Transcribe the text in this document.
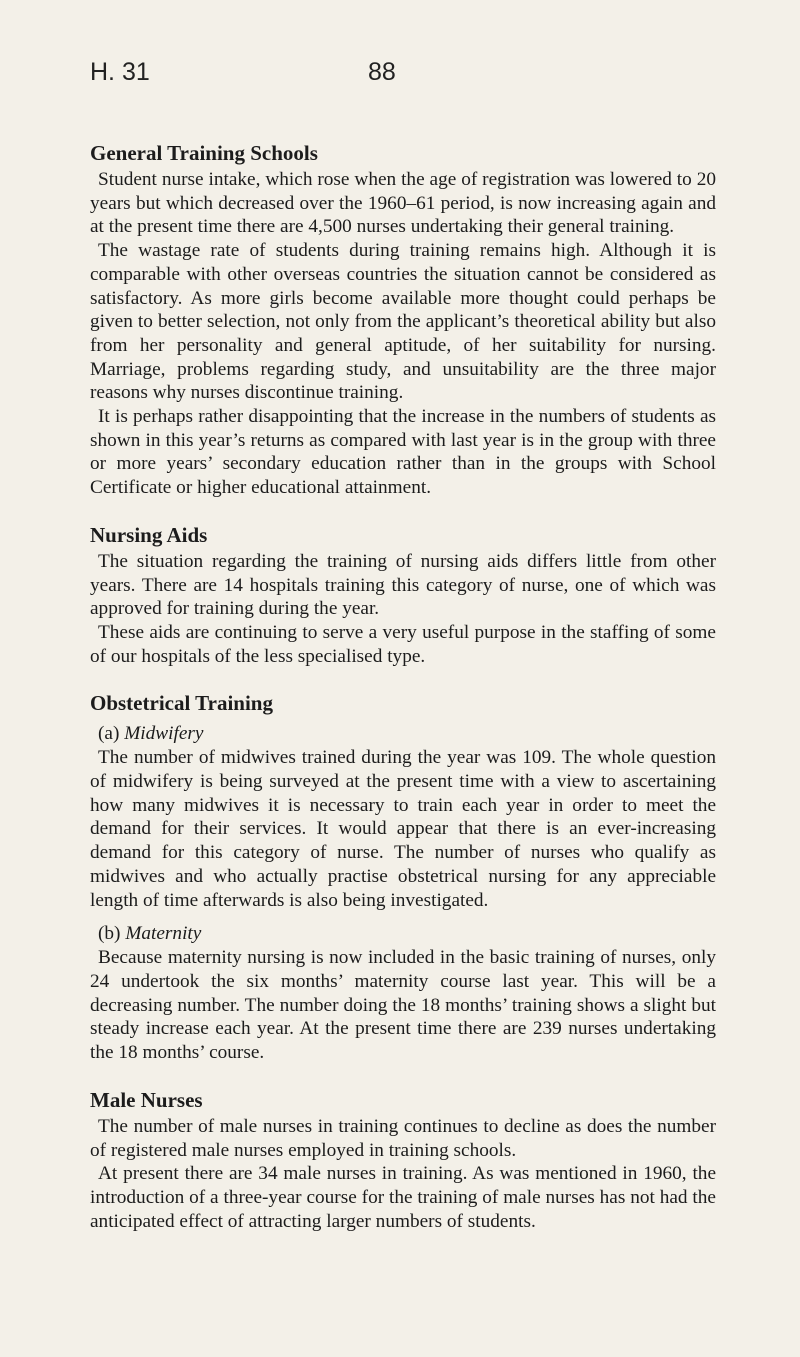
H. 31	88
General Training Schools

Student nurse intake, which rose when the age of registration was lowered to 20 years but which decreased over the 1960–61 period, is now increasing again and at the present time there are 4,500 nurses undertaking their general training.

The wastage rate of students during training remains high. Although it is comparable with other overseas countries the situation cannot be considered as satisfactory. As more girls become available more thought could perhaps be given to better selection, not only from the applicant’s theoretical ability but also from her personality and general aptitude, of her suitability for nursing. Marriage, problems regarding study, and unsuitability are the three major reasons why nurses discontinue training.

It is perhaps rather disappointing that the increase in the numbers of students as shown in this year’s returns as compared with last year is in the group with three or more years’ secondary education rather than in the groups with School Certificate or higher educational attainment.

Nursing Aids

The situation regarding the training of nursing aids differs little from other years. There are 14 hospitals training this category of nurse, one of which was approved for training during the year.

These aids are continuing to serve a very useful purpose in the staffing of some of our hospitals of the less specialised type.

Obstetrical Training
(a) Midwifery

The number of midwives trained during the year was 109. The whole question of midwifery is being surveyed at the present time with a view to ascertaining how many midwives it is necessary to train each year in order to meet the demand for their services. It would appear that there is an ever-increasing demand for this category of nurse. The number of nurses who qualify as midwives and who actually practise obstetrical nursing for any appreciable length of time afterwards is also being investigated.

(b) Maternity

Because maternity nursing is now included in the basic training of nurses, only 24 undertook the six months’ maternity course last year. This will be a decreasing number. The number doing the 18 months’ training shows a slight but steady increase each year. At the present time there are 239 nurses undertaking the 18 months’ course.

Male Nurses

The number of male nurses in training continues to decline as does the number of registered male nurses employed in training schools.

At present there are 34 male nurses in training. As was mentioned in 1960, the introduction of a three-year course for the training of male nurses has not had the anticipated effect of attracting larger numbers of students.
